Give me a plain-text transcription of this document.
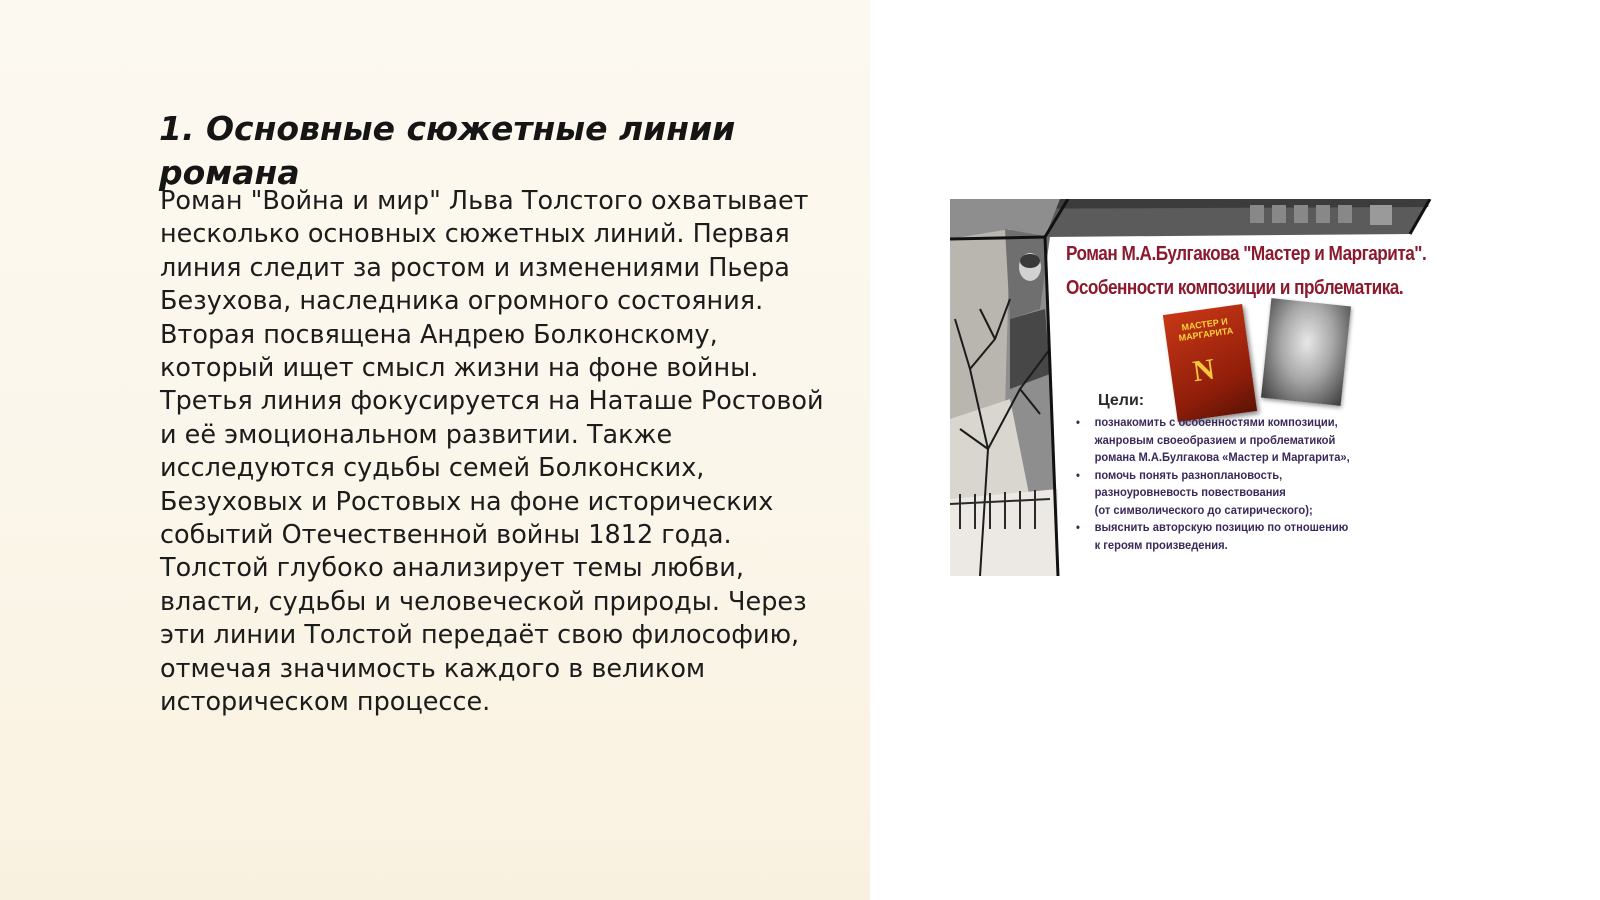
1. Основные сюжетные линии романа
Роман "Война и мир" Льва Толстого охватывает
несколько основных сюжетных линий. Первая
линия следит за ростом и изменениями Пьера
Безухова, наследника огромного состояния.
Вторая посвящена Андрею Болконскому,
который ищет смысл жизни на фоне войны.
Третья линия фокусируется на Наташе Ростовой
и её эмоциональном развитии. Также
исследуются судьбы семей Болконских,
Безуховых и Ростовых на фоне исторических
событий Отечественной войны 1812 года.
Толстой глубоко анализирует темы любви,
власти, судьбы и человеческой природы. Через
эти линии Толстой передаёт свою философию,
отмечая значимость каждого в великом
историческом процессе.
Роман М.А.Булгакова "Мастер и Маргарита".
Особенности композиции и прблематика.
МАСТЕР И МАРГАРИТА
N
Цели:
• познакомить с особенностями композиции,
жанровым своеобразием и проблематикой
романа М.А.Булгакова «Мастер и Маргарита»,
• помочь понять разноплановость,
разноуровневость повествования
(от символического до сатирического);
• выяснить авторскую позицию по отношению
к героям произведения.
